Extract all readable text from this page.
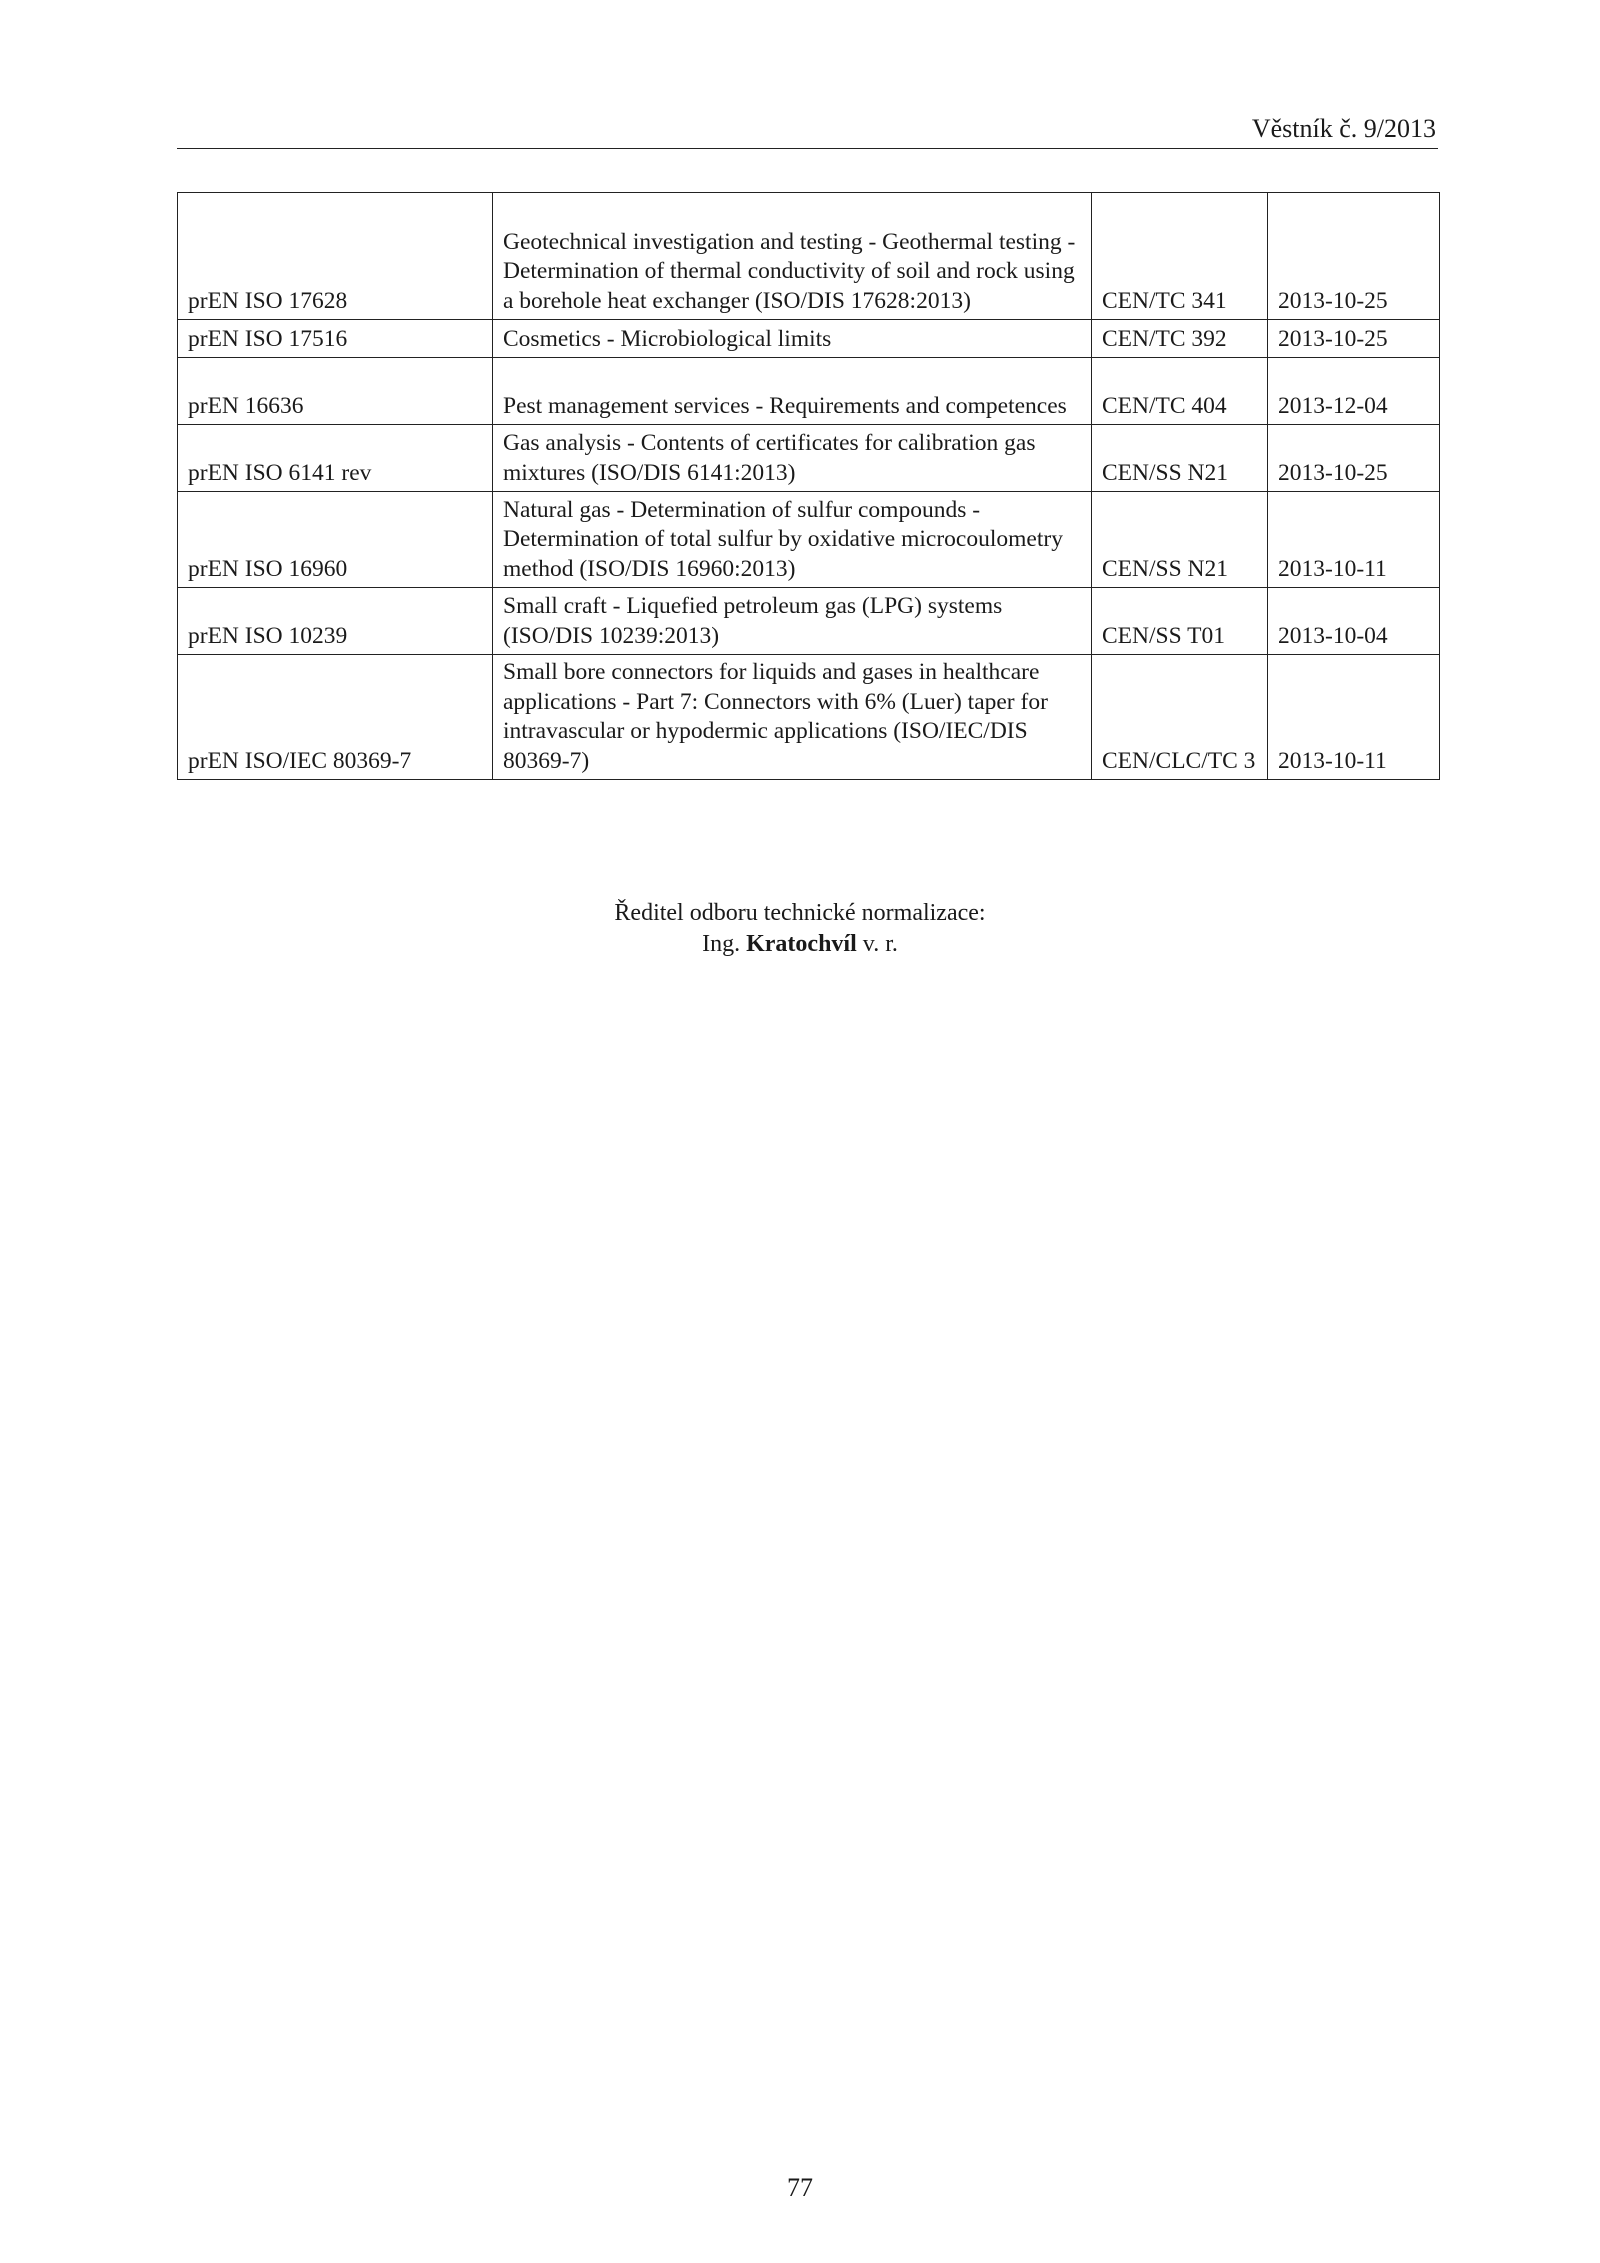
Věstník č. 9/2013
prEN ISO 17628	Geotechnical investigation and testing - Geothermal testing - Determination of thermal conductivity of soil and rock using a borehole heat exchanger (ISO/DIS 17628:2013)	CEN/TC 341	2013-10-25
prEN ISO 17516	Cosmetics - Microbiological limits	CEN/TC 392	2013-10-25
prEN 16636	Pest management services - Requirements and competences	CEN/TC 404	2013-12-04
prEN ISO 6141 rev	Gas analysis - Contents of certificates for calibration gas mixtures (ISO/DIS 6141:2013)	CEN/SS N21	2013-10-25
prEN ISO 16960	Natural gas - Determination of sulfur compounds - Determination of total sulfur by oxidative microcoulometry method (ISO/DIS 16960:2013)	CEN/SS N21	2013-10-11
prEN ISO 10239	Small craft - Liquefied petroleum gas (LPG) systems (ISO/DIS 10239:2013)	CEN/SS T01	2013-10-04
prEN ISO/IEC 80369-7	Small bore connectors for liquids and gases in healthcare applications - Part 7: Connectors with 6% (Luer) taper for intravascular or hypodermic applications (ISO/IEC/DIS 80369-7)	CEN/CLC/TC 3	2013-10-11
Ředitel odboru technické normalizace:
Ing. Kratochvíl v. r.
77
